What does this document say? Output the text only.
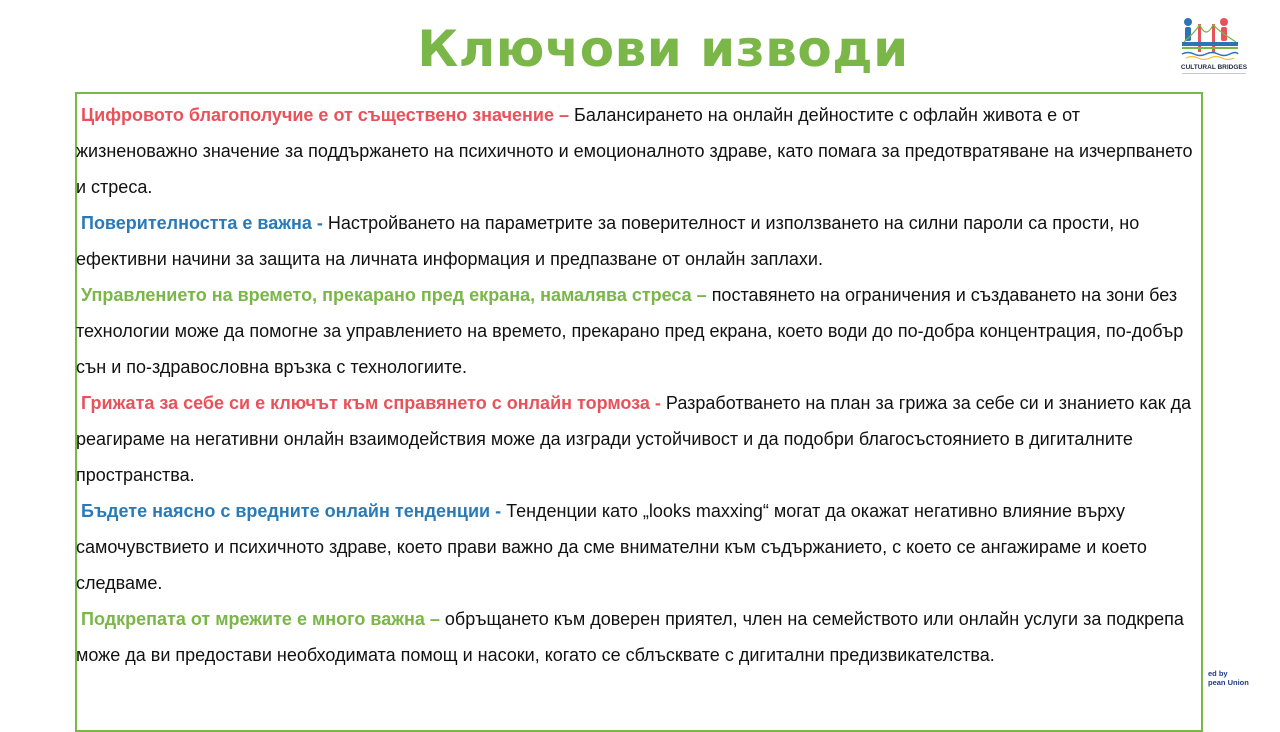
Ключови изводи	CULTURAL BRIDGES
ed by
pean Union

Цифровото благополучие е от съществено значение – Балансирането на онлайн дейностите с офлайн живота е от жизненоважно значение за поддържането на психичното и емоционалното здраве, като помага за предотвратяване на изчерпването и стреса.

Поверителността е важна - Настройването на параметрите за поверителност и използването на силни пароли са прости, но ефективни начини за защита на личната информация и предпазване от онлайн заплахи.

Управлението на времето, прекарано пред екрана, намалява стреса – поставянето на ограничения и създаването на зони без технологии може да помогне за управлението на времето, прекарано пред екрана, което води до по-добра концентрация, по-добър сън и по-здравословна връзка с технологиите.

Грижата за себе си е ключът към справянето с онлайн тормоза - Разработването на план за грижа за себе си и знанието как да реагираме на негативни онлайн взаимодействия може да изгради устойчивост и да подобри благосъстоянието в дигиталните пространства.

Бъдете наясно с вредните онлайн тенденции - Тенденции като „looks maxxing“ могат да окажат негативно влияние върху самочувствието и психичното здраве, което прави важно да сме внимателни към съдържанието, с което се ангажираме и което следваме.

Подкрепата от мрежите е много важна – обръщането към доверен приятел, член на семейството или онлайн услуги за подкрепа може да ви предостави необходимата помощ и насоки, когато се сблъсквате с дигитални предизвикателства.
